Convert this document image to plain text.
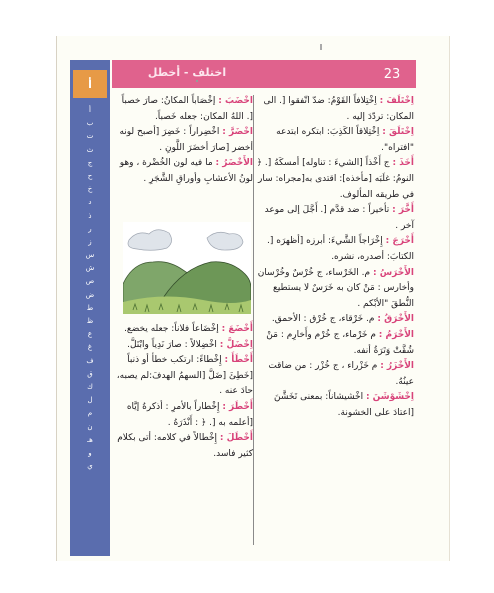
أ
أ
ب
ت
ث
ج
ح
خ
د
ذ
ر
ز
س
ش
ص
ض
ط
ظ
ع
غ
ف
ق
ك
ل
م
ن
هـ
و
ي
اختلف - أخطل	23

اِخْتَلَفَ : اِخْتِلافاً القَوْمُ: ضدّ اتّفقوا [. الى المكان: تردّدَ إليه .

اِخْتَلَقَ : اِخْتِلاقاً الكَذِبَ: ابتكره ابتدعه "افتراه".

أَخَذَ : ج أَخْذاً [الشيءَ : تناوله] أمسكَهُ [. ﴿ النومُ: غلَبَه [مأخذه]: اقتدى به[مجراه: سار في طريقه المألوف.

أَخَّرَ : تأخيراً : ضد قدَّم [. أَجَّلَ إلى موعد آخر .

أَخْرَجَ : إِخْرَاجاً الشَّيءَ: أبرزه [أظهرَه [. الكتابَ: أصدره، نشره.

الأَخْرَسُ : م. الخَرْساء، ج خُرْسٌ وخُرْسان وأخارس : مَنْ كان به خَرَسٌ لا يستطيع النُّطقَ "الأبْكم .

الأَخْرَقُ : م. خَرْقاء، ج خُرْق : الأحمق.

الأَخْرَمُ : م خَرْماء، ج خُرْم وأَخارِم : مَنْ شُقَّتْ وَتَرَةُ أنفه.

الأَخْزَرُ : م خَزْراء ، ج خُزْر : من ضاقت عينُهُ.

اِخْشَوْشَنَ : اخْشيشاناً: بمعنى تَخَشَّنَ [اعتادَ على الخشونة.

اخْضَبَ : إخْصَاباً المكانُ: صارَ خصباً [. اللهُ المكان: جعله خَصباً.

اخْضَرَّ : اخْضِراراً : خَضِرَ [أصبح لونه أخضر [صارَ أخضَرَ اللَّونِ .

الأَخْضَرُ : ما فيه لون الخُضْرة ، وهو لونُ الأعشابِ وأوراقِ الشَّجَرِ .

أَخْضَعَ : إخْضَاعاً فلاناً: جعله يخضع.

اِخْضَلَّ : اخْضِلالاً : صارَ نَدِياً وابْتَلَّ.

أَخْطَأَ : إِخْطاءً: ارتكب خطأ أو ذنباً [خَطِئَ [ضَلَّ [السهمُ الهدفَ:لم يصبه، حادَ عنه .

أَخْطَرَ : إِخْطاراً بالأمرِ : أذكرهُ إيَّاه [أعلمه به [. ﴿ : أَنْذَرَهُ .

أَخْطَلَ : إِخْطالاً في كلامه: أتى بكلام كثير فاسد.
